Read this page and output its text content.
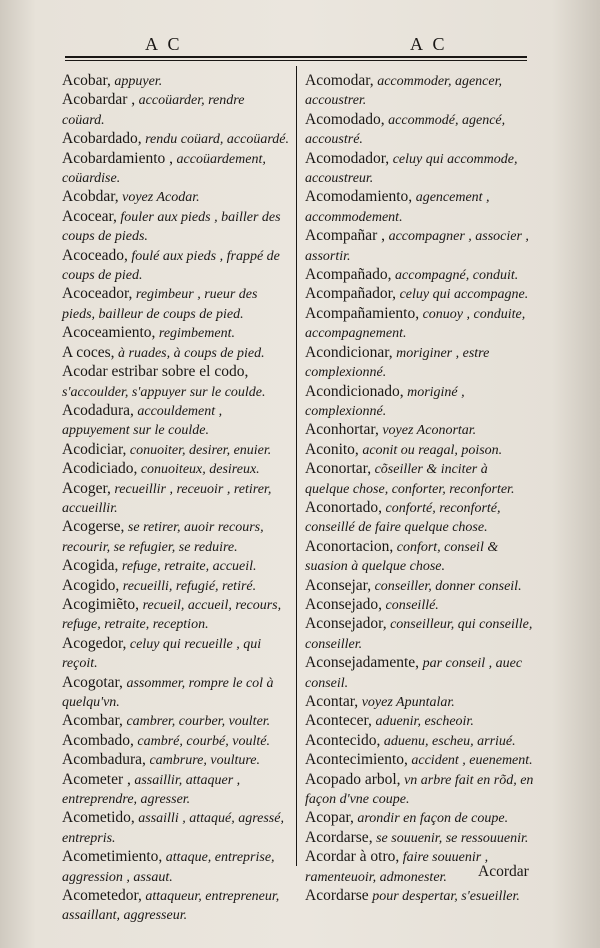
A C	A C

Acobar, appuyer.

Acobardar , accoüarder, rendre coüard.

Acobardado, rendu coüard, accoüardé.

Acobardamiento , accoüardement, coüardise.

Acobdar, voyez Acodar.

Acocear, fouler aux pieds , bailler des coups de pieds.

Acoceado, foulé aux pieds , frappé de coups de pied.

Acoceador, regimbeur , rueur des pieds, bailleur de coups de pied.

Acoceamiento, regimbement.

A coces, à ruades, à coups de pied.

Acodar estribar sobre el codo, s'accoulder, s'appuyer sur le coulde.

Acodadura, accouldement , appuyement sur le coulde.

Acodiciar, conuoiter, desirer, enuier.

Acodiciado, conuoiteux, desireux.

Acoger, recueillir , receuoir , retirer, accueillir.

Acogerse, se retirer, auoir recours, recourir, se refugier, se reduire.

Acogida, refuge, retraite, accueil.

Acogido, recueilli, refugié, retiré.

Acogimiẽto, recueil, accueil, recours, refuge, retraite, reception.

Acogedor, celuy qui recueille , qui reçoit.

Acogotar, assommer, rompre le col à quelqu'vn.

Acombar, cambrer, courber, voulter.

Acombado, cambré, courbé, voulté.

Acombadura, cambrure, voulture.

Acometer , assaillir, attaquer , entreprendre, agresser.

Acometido, assailli , attaqué, agressé, entrepris.

Acometimiento, attaque, entreprise, aggression , assaut.

Acometedor, attaqueur, entrepreneur, assaillant, aggresseur.

Acomodar, accommoder, agencer, accoustrer.

Acomodado, accommodé, agencé, accoustré.

Acomodador, celuy qui accommode, accoustreur.

Acomodamiento, agencement , accommodement.

Acompañar , accompagner , associer , assortir.

Acompañado, accompagné, conduit.

Acompañador, celuy qui accompagne.

Acompañamiento, conuoy , conduite, accompagnement.

Acondicionar, moriginer , estre complexionné.

Acondicionado, moriginé , complexionné.

Aconhortar, voyez Aconortar.

Aconito, aconit ou reagal, poison.

Aconortar, cõseiller & inciter à quelque chose, conforter, reconforter.

Aconortado, conforté, reconforté, conseillé de faire quelque chose.

Aconortacion, confort, conseil & suasion à quelque chose.

Aconsejar, conseiller, donner conseil.

Aconsejado, conseillé.

Aconsejador, conseilleur, qui conseille, conseiller.

Aconsejadamente, par conseil , auec conseil.

Acontar, voyez Apuntalar.

Acontecer, aduenir, escheoir.

Acontecido, aduenu, escheu, arriué.

Acontecimiento, accident , euenement.

Acopado arbol, vn arbre fait en rõd, en façon d'vne coupe.

Acopar, arondir en façon de coupe.

Acordarse, se souuenir, se ressouuenir.

Acordar à otro, faire souuenir , ramenteuoir, admonester.

Acordarse pour despertar, s'esueiller.

Acordar
